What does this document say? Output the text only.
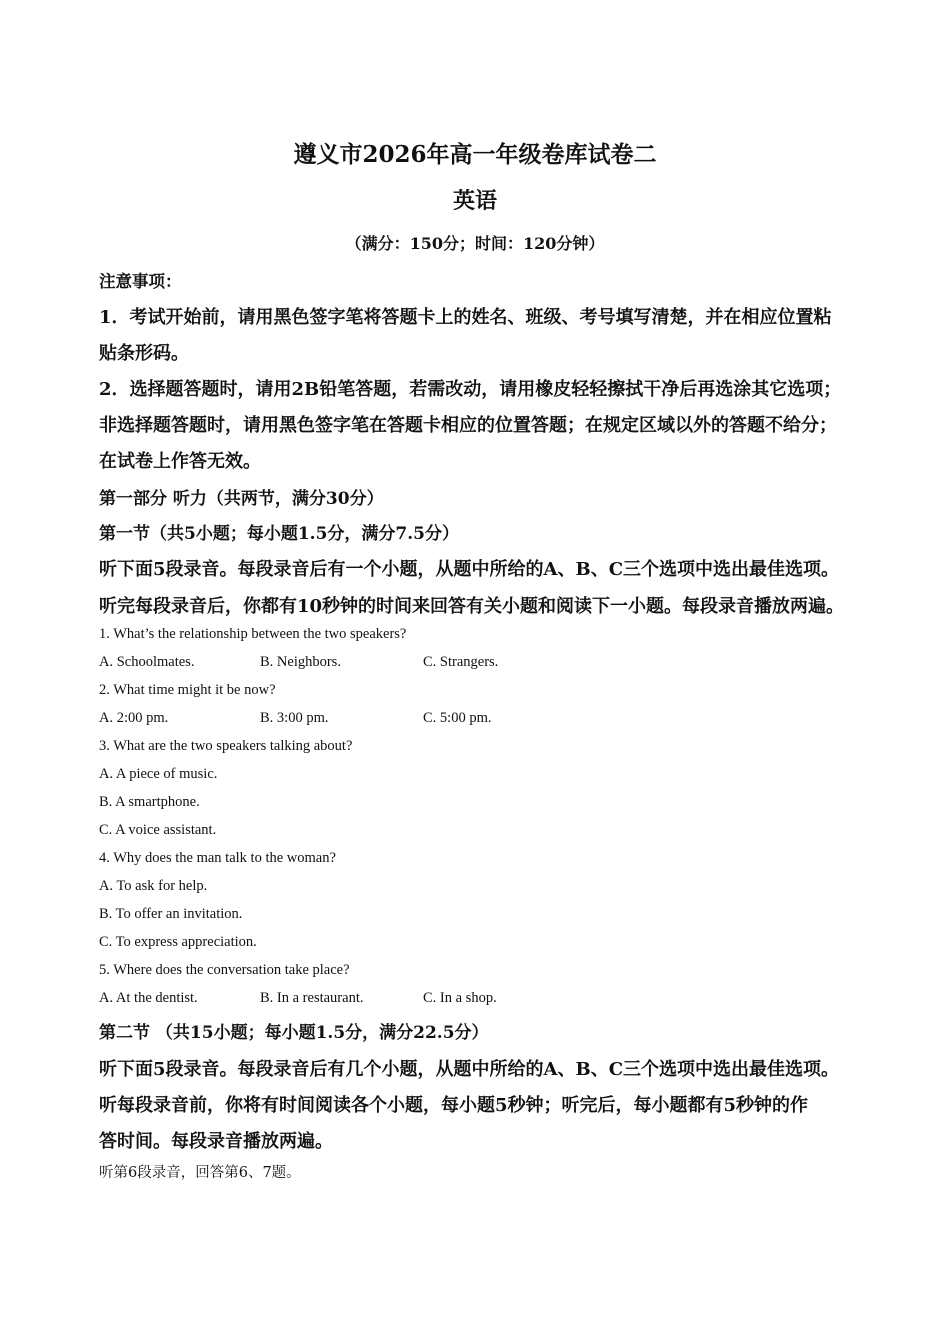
遵义市2026年高一年级卷库试卷二
英语
（满分：150分；时间：120分钟）
注意事项：
1．考试开始前，请用黑色签字笔将答题卡上的姓名、班级、考号填写清楚，并在相应位置粘
贴条形码。
2．选择题答题时，请用2B铅笔答题，若需改动，请用橡皮轻轻擦拭干净后再选涂其它选项；
非选择题答题时，请用黑色签字笔在答题卡相应的位置答题；在规定区域以外的答题不给分；
在试卷上作答无效。
第一部分 听力（共两节，满分30分）
第一节（共5小题；每小题1.5分，满分7.5分）
听下面5段录音。每段录音后有一个小题，从题中所给的A、B、C三个选项中选出最佳选项。
听完每段录音后，你都有10秒钟的时间来回答有关小题和阅读下一小题。每段录音播放两遍。
1. What’s the relationship between the two speakers?
A. Schoolmates.	B. Neighbors.	C. Strangers.
2. What time might it be now?
A. 2:00 pm.	B. 3:00 pm.	C. 5:00 pm.
3. What are the two speakers talking about?
A. A piece of music.
B. A smartphone.
C. A voice assistant.
4. Why does the man talk to the woman?
A. To ask for help.
B. To offer an invitation.
C. To express appreciation.
5. Where does the conversation take place?
A. At the dentist.	B. In a restaurant.	C. In a shop.
第二节 （共15小题；每小题1.5分，满分22.5分）
听下面5段录音。每段录音后有几个小题，从题中所给的A、B、C三个选项中选出最佳选项。
听每段录音前，你将有时间阅读各个小题，每小题5秒钟；听完后，每小题都有5秒钟的作
答时间。每段录音播放两遍。
听第6段录音，回答第6、7题。
